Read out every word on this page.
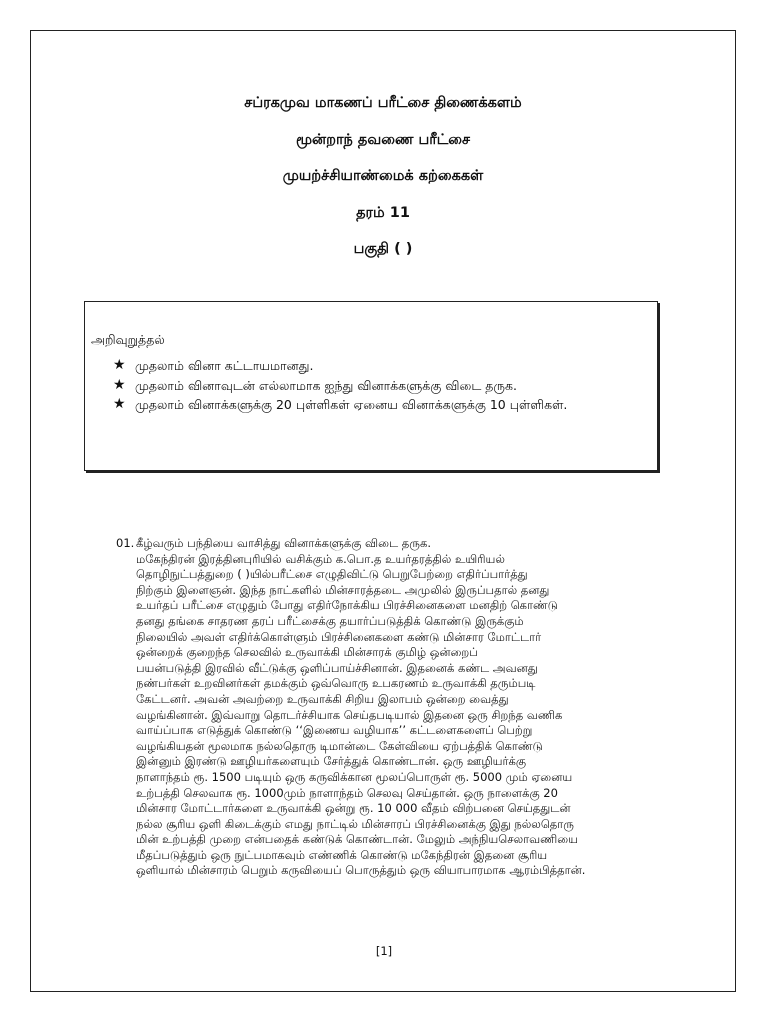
சப்ரகமுவ மாகணப் பரீட்சை திணைக்களம்
மூன்றாந் தவணை பரீட்சை
முயற்ச்சியாண்மைக் கற்கைகள்
தரம் 11
பகுதி ( )
அறிவுறுத்தல்
★ முதலாம் வினா கட்டாயமானது.
★ முதலாம் வினாவுடன் எல்லாமாக ஐந்து வினாக்களுக்கு விடை தருக.
★ முதலாம் வினாக்களுக்கு 20 புள்ளிகள் ஏனைய வினாக்களுக்கு 10 புள்ளிகள்.
01. கீழ்வரும் பந்தியை வாசித்து வினாக்களுக்கு விடை தருக.
மகேந்திரன் இரத்தினபுரியில் வசிக்கும் க.பொ.த உயர்தரத்தில் உயிரியல்
தொழிநுட்பத்துறை ( )யில்பரீட்சை எழுதிவிட்டு பெறுபேற்றை எதிர்ப்பார்த்து
நிற்கும் இளைஞன். இந்த நாட்களில் மின்சாரத்தடை அமுலில் இருப்பதால் தனது
உயர்தப் பரீட்சை எழுதும் போது எதிர்நோக்கிய பிரச்சினைகளை மனதிற் கொண்டு
தனது தங்கை சாதரண தரப் பரீட்சைக்கு தயார்ப்படுத்திக் கொண்டு இருக்கும்
நிலையில் அவள் எதிர்க்கொள்ளும் பிரச்சினைகளை கண்டு மின்சார மோட்டார்
ஒன்றைக் குறைந்த செலவில் உருவாக்கி மின்சாரக் குமிழ் ஒன்றைப்
பயன்படுத்தி இரவில் வீட்டுக்கு ஒளிப்பாய்ச்சினான். இதனைக் கண்ட அவனது
நண்பர்கள் உறவினர்கள் தமக்கும் ஒவ்வொரு உபகரணம் உருவாக்கி தரும்படி
கேட்டனர். அவன் அவற்றை உருவாக்கி சிறிய இலாபம் ஒன்றை வைத்து
வழங்கினான். இவ்வாறு தொடர்ச்சியாக செய்தபடியால் இதனை ஒரு சிறந்த வணிக
வாய்ப்பாக எடுத்துக் கொண்டு ‘‘இணைய வழியாக’’ கட்டளைகளைப் பெற்று
வழங்கியதன் மூலமாக நல்லதொரு டிமான்டை கேள்வியை ஏற்பத்திக் கொண்டு
இன்னும் இரண்டு ஊழியர்களையும் சேர்த்துக் கொண்டான். ஒரு ஊழியர்க்கு
நாளாந்தம் ரூ. 1500 படியும் ஒரு கருவிக்கான மூலப்பொருள் ரூ. 5000 மும் ஏனைய
உற்பத்தி செலவாக ரூ. 1000மும் நாளாந்தம் செலவு செய்தான். ஒரு நாளைக்கு 20
மின்சார மோட்டார்களை உருவாக்கி ஒன்று ரூ. 10 000 வீதம் விற்பனை செய்ததுடன்
நல்ல சூரிய ஒளி கிடைக்கும் எமது நாட்டில் மின்சாரப் பிரச்சினைக்கு இது நல்லதொரு
மின் உற்பத்தி முறை என்பதைக் கண்டுக் கொண்டான். மேலும் அந்நியசெலாவணியை
மீதப்படுத்தும் ஒரு நுட்பமாகவும் எண்ணிக் கொண்டு மகேந்திரன் இதனை சூரிய
ஒளியால் மின்சாரம் பெறும் கருவியைப் பொருத்தும் ஒரு வியாபாரமாக ஆரம்பித்தான்.
[1]
